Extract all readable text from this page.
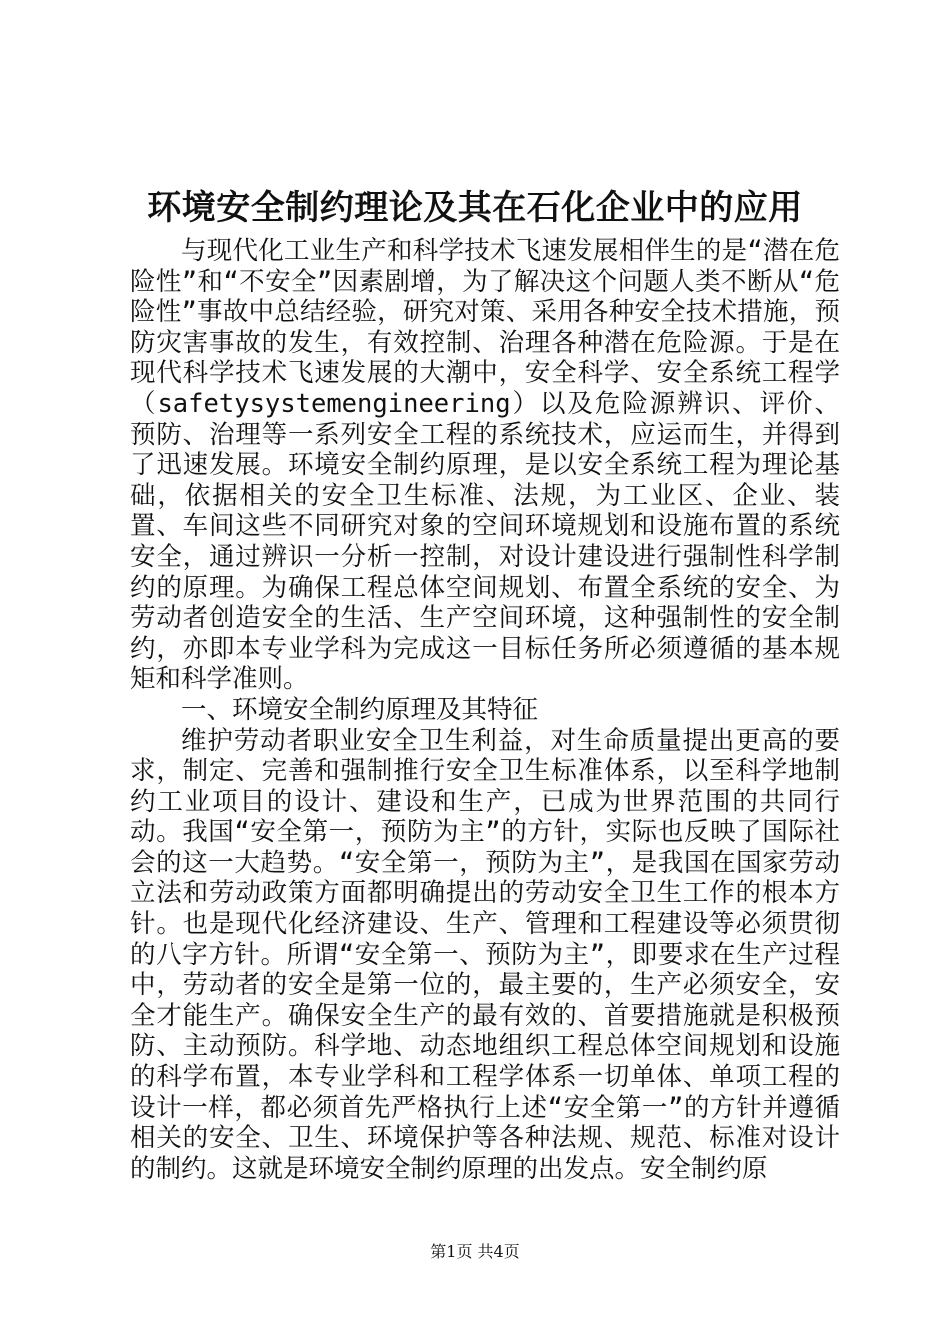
环境安全制约理论及其在石化企业中的应用

与现代化工业生产和科学技术飞速发展相伴生的是“潜在危险性”和“不安全”因素剧增，为了解决这个问题人类不断从“危险性”事故中总结经验，研究对策、采用各种安全技术措施，预防灾害事故的发生，有效控制、治理各种潜在危险源。于是在现代科学技术飞速发展的大潮中，安全科学、安全系统工程学（safetysystemengineering）以及危险源辨识、评价、预防、治理等一系列安全工程的系统技术，应运而生，并得到了迅速发展。环境安全制约原理，是以安全系统工程为理论基础，依据相关的安全卫生标准、法规，为工业区、企业、装置、车间这些不同研究对象的空间环境规划和设施布置的系统安全，通过辨识一分析一控制，对设计建设进行强制性科学制约的原理。为确保工程总体空间规划、布置全系统的安全、为劳动者创造安全的生活、生产空间环境，这种强制性的安全制约，亦即本专业学科为完成这一目标任务所必须遵循的基本规矩和科学准则。

一、环境安全制约原理及其特征

维护劳动者职业安全卫生利益，对生命质量提出更高的要求，制定、完善和强制推行安全卫生标准体系，以至科学地制约工业项目的设计、建设和生产，已成为世界范围的共同行动。我国“安全第一，预防为主”的方针，实际也反映了国际社会的这一大趋势。“安全第一，预防为主”，是我国在国家劳动立法和劳动政策方面都明确提出的劳动安全卫生工作的根本方针。也是现代化经济建设、生产、管理和工程建设等必须贯彻的八字方针。所谓“安全第一、预防为主”，即要求在生产过程中，劳动者的安全是第一位的，最主要的，生产必须安全，安全才能生产。确保安全生产的最有效的、首要措施就是积极预防、主动预防。科学地、动态地组织工程总体空间规划和设施的科学布置，本专业学科和工程学体系一切单体、单项工程的设计一样，都必须首先严格执行上述“安全第一”的方针并遵循相关的安全、卫生、环境保护等各种法规、规范、标准对设计的制约。这就是环境安全制约原理的出发点。安全制约原

第1页 共4页
